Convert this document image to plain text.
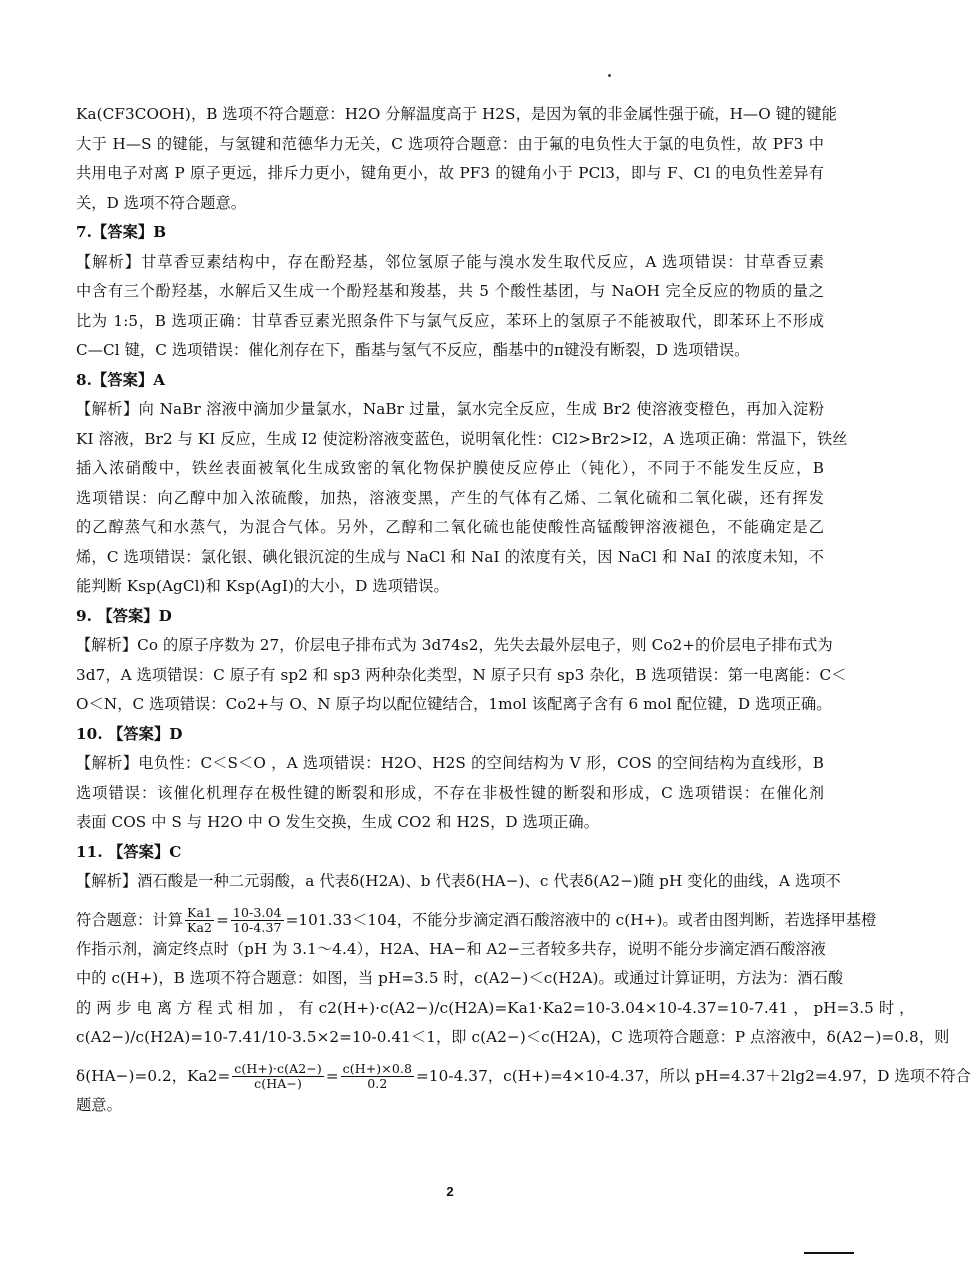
Ka(CF3COOH)，B 选项不符合题意：H2O 分解温度高于 H2S，是因为氧的非金属性强于硫，H—O 键的键能
大于 H—S 的键能，与氢键和范德华力无关，C 选项符合题意：由于氟的电负性大于氯的电负性，故 PF3 中
共用电子对离 P 原子更远，排斥力更小，键角更小，故 PF3 的键角小于 PCl3，即与 F、Cl 的电负性差异有
关，D 选项不符合题意。
7.【答案】B
【解析】甘草香豆素结构中，存在酚羟基，邻位氢原子能与溴水发生取代反应，A 选项错误：甘草香豆素
中含有三个酚羟基，水解后又生成一个酚羟基和羧基，共 5 个酸性基团，与 NaOH 完全反应的物质的量之
比为 1:5，B 选项正确：甘草香豆素光照条件下与氯气反应，苯环上的氢原子不能被取代，即苯环上不形成
C—Cl 键，C 选项错误：催化剂存在下，酯基与氢气不反应，酯基中的π键没有断裂，D 选项错误。
8.【答案】A
【解析】向 NaBr 溶液中滴加少量氯水，NaBr 过量，氯水完全反应，生成 Br2 使溶液变橙色，再加入淀粉
KI 溶液，Br2 与 KI 反应，生成 I2 使淀粉溶液变蓝色，说明氧化性：Cl2>Br2>I2，A 选项正确：常温下，铁丝
插入浓硝酸中，铁丝表面被氧化生成致密的氧化物保护膜使反应停止（钝化），不同于不能发生反应，B
选项错误：向乙醇中加入浓硫酸，加热，溶液变黑，产生的气体有乙烯、二氧化硫和二氧化碳，还有挥发
的乙醇蒸气和水蒸气，为混合气体。另外，乙醇和二氧化硫也能使酸性高锰酸钾溶液褪色，不能确定是乙
烯，C 选项错误：氯化银、碘化银沉淀的生成与 NaCl 和 NaI 的浓度有关，因 NaCl 和 NaI 的浓度未知，不
能判断 Ksp(AgCl)和 Ksp(AgI)的大小，D 选项错误。
9. 【答案】D
【解析】Co 的原子序数为 27，价层电子排布式为 3d74s2，先失去最外层电子，则 Co2+的价层电子排布式为
3d7，A 选项错误：C 原子有 sp2 和 sp3 两种杂化类型，N 原子只有 sp3 杂化，B 选项错误：第一电离能：C＜
O＜N，C 选项错误：Co2+与 O、N 原子均以配位键结合，1mol 该配离子含有 6 mol 配位键，D 选项正确。
10. 【答案】D
【解析】电负性：C＜S＜O ，A 选项错误：H2O、H2S 的空间结构为 V 形，COS 的空间结构为直线形，B
选项错误：该催化机理存在极性键的断裂和形成，不存在非极性键的断裂和形成，C 选项错误：在催化剂
表面 COS 中 S 与 H2O 中 O 发生交换，生成 CO2 和 H2S，D 选项正确。
11. 【答案】C
【解析】酒石酸是一种二元弱酸，a 代表δ(H2A)、b 代表δ(HA−)、c 代表δ(A2−)随 pH 变化的曲线，A 选项不
符合题意：计算 $\frac{Ka1}{Ka2} = \frac{10-3.04}{10-4.37} =101.33<104$，不能分步滴定酒石酸溶液中的 c(H+)。或者由图判断，若选择甲基橙
作指示剂，滴定终点时（pH 为 3.1～4.4），H2A、HA−和 A2−三者较多共存，说明不能分步滴定酒石酸溶液
中的 c(H+)，B 选项不符合题意：如图，当 pH=3.5 时，c(A2−)＜c(H2A)。或通过计算证明，方法为：酒石酸
的 两 步 电 离 方 程 式 相 加 ， 有 c2(H+)·c(A2−)/c(H2A)=Ka1·Ka2=10-3.04×10-4.37=10-7.41 ， pH=3.5 时 ，
c(A2−)/c(H2A)=10-7.41/10-3.5×2=10-0.41＜1，即 c(A2−)＜c(H2A)，C 选项符合题意：P 点溶液中，δ(A2−)=0.8，则
δ(HA−)=0.2，$Ka2= \frac{c(H+)\cdot c(A2-)}{c(HA-)} = \frac{c(H+)\times 0.8}{0.2} =10-4.37$，c(H+)=4×10-4.37，所以 pH=4.37＋2lg2=4.97，D 选项不符合
题意。
2
